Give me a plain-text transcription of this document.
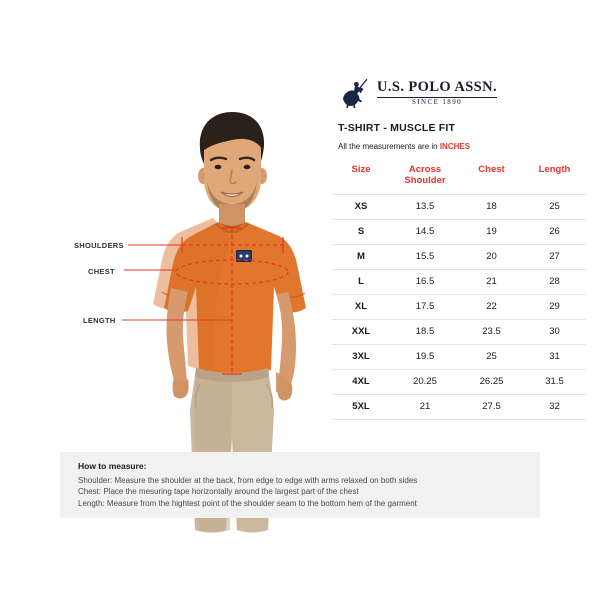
SHOULDERS
CHEST
LENGTH
U.S. POLO ASSN.
SINCE 1890
T-SHIRT - MUSCLE FIT
All the measurements are in INCHES
Size	Across Shoulder	Chest	Length
XS	13.5	18	25
S	14.5	19	26
M	15.5	20	27
L	16.5	21	28
XL	17.5	22	29
XXL	18.5	23.5	30
3XL	19.5	25	31
4XL	20.25	26.25	31.5
5XL	21	27.5	32
How to measure:
Shoulder: Measure the shoulder at the back, from edge to edge with arms relaxed on both sides
Chest: Place the mesuring tape horizontally around the largest part of the chest
Length: Measure from the hightest point of the shoulder seam to the bottom hem of the garment
